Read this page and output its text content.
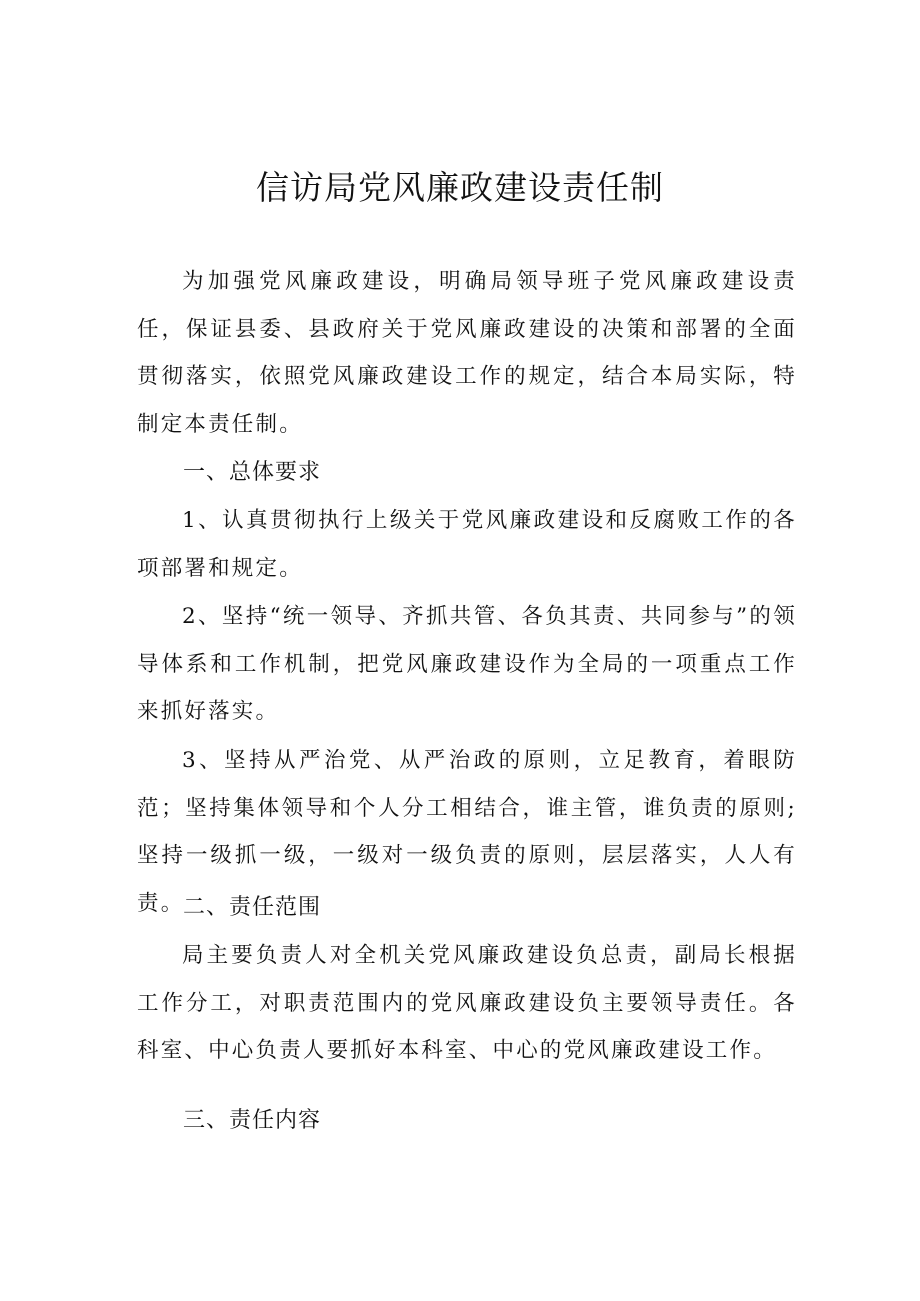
信访局党风廉政建设责任制

为加强党风廉政建设，明确局领导班子党风廉政建设责任，保证县委、县政府关于党风廉政建设的决策和部署的全面贯彻落实，依照党风廉政建设工作的规定，结合本局实际，特制定本责任制。

一、总体要求

1、认真贯彻执行上级关于党风廉政建设和反腐败工作的各项部署和规定。

2、坚持“统一领导、齐抓共管、各负其责、共同参与”的领导体系和工作机制，把党风廉政建设作为全局的一项重点工作来抓好落实。

3、坚持从严治党、从严治政的原则，立足教育，着眼防范；坚持集体领导和个人分工相结合，谁主管，谁负责的原则;坚持一级抓一级，一级对一级负责的原则，层层落实，人人有责。

二、责任范围

局主要负责人对全机关党风廉政建设负总责，副局长根据工作分工，对职责范围内的党风廉政建设负主要领导责任。各科室、中心负责人要抓好本科室、中心的党风廉政建设工作。

三、责任内容
